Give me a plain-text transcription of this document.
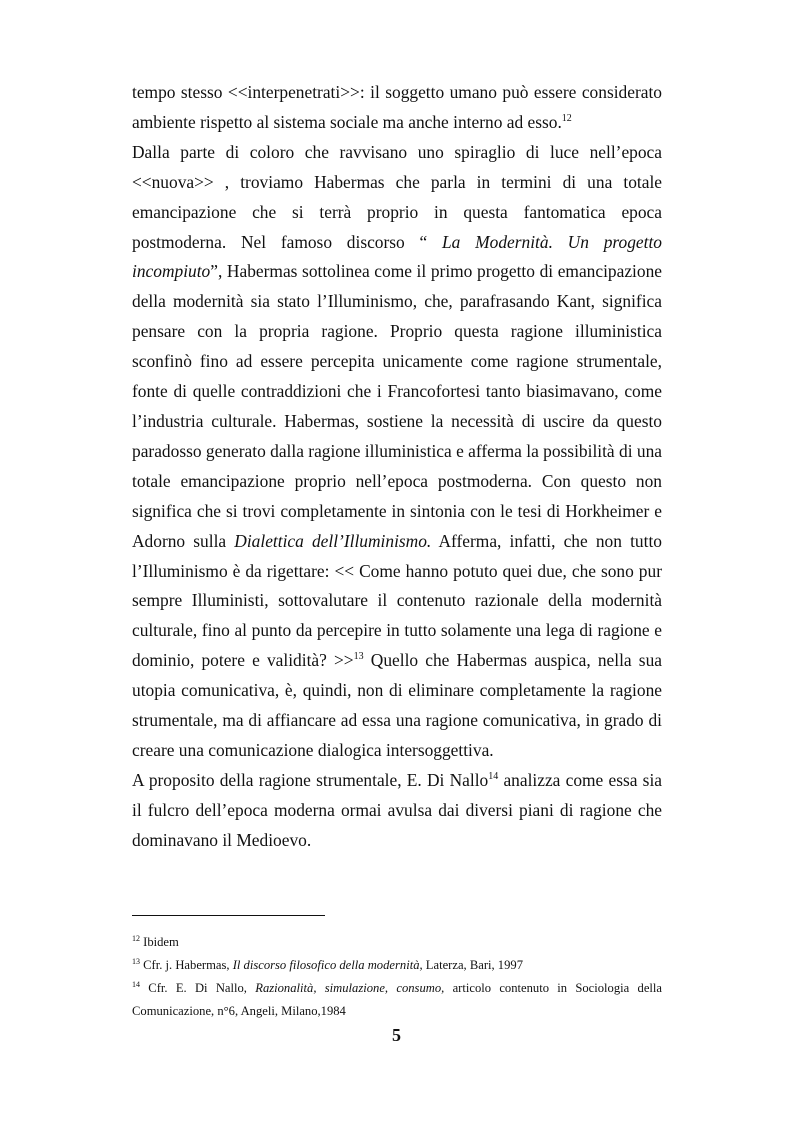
tempo stesso <<interpenetrati>>: il soggetto umano può essere considerato ambiente rispetto al sistema sociale ma anche interno ad esso.$^{12}$

Dalla parte di coloro che ravvisano uno spiraglio di luce nell’epoca <<nuova>> , troviamo Habermas che parla in termini di una totale emancipazione che si terrà proprio in questa fantomatica epoca postmoderna. Nel famoso discorso “ La Modernità. Un progetto incompiuto”, Habermas sottolinea come il primo progetto di emancipazione della modernità sia stato l’Illuminismo, che, parafrasando Kant, significa pensare con la propria ragione. Proprio questa ragione illuministica sconfinò fino ad essere percepita unicamente come ragione strumentale, fonte di quelle contraddizioni che i Francofortesi tanto biasimavano, come l’industria culturale. Habermas, sostiene la necessità di uscire da questo paradosso generato dalla ragione illuministica e afferma la possibilità di una totale emancipazione proprio nell’epoca postmoderna. Con questo non significa che si trovi completamente in sintonia con le tesi di Horkheimer e Adorno sulla Dialettica dell’Illuminismo. Afferma, infatti, che non tutto l’Illuminismo è da rigettare: << Come hanno potuto quei due, che sono pur sempre Illuministi, sottovalutare il contenuto razionale della modernità culturale, fino al punto da percepire in tutto solamente una lega di ragione e dominio, potere e validità? >>$^{13}$ Quello che Habermas auspica, nella sua utopia comunicativa, è, quindi, non di eliminare completamente la ragione strumentale, ma di affiancare ad essa una ragione comunicativa, in grado di creare una comunicazione dialogica intersoggettiva.

A proposito della ragione strumentale, E. Di Nallo$^{14}$ analizza come essa sia il fulcro dell’epoca moderna ormai avulsa dai diversi piani di ragione che dominavano il Medioevo.

$^{12}$ Ibidem

$^{13}$ Cfr. j. Habermas, Il discorso filosofico della modernità, Laterza, Bari, 1997

$^{14}$ Cfr. E. Di Nallo, Razionalità, simulazione, consumo, articolo contenuto in Sociologia della Comunicazione, n°6, Angeli, Milano,1984

5
